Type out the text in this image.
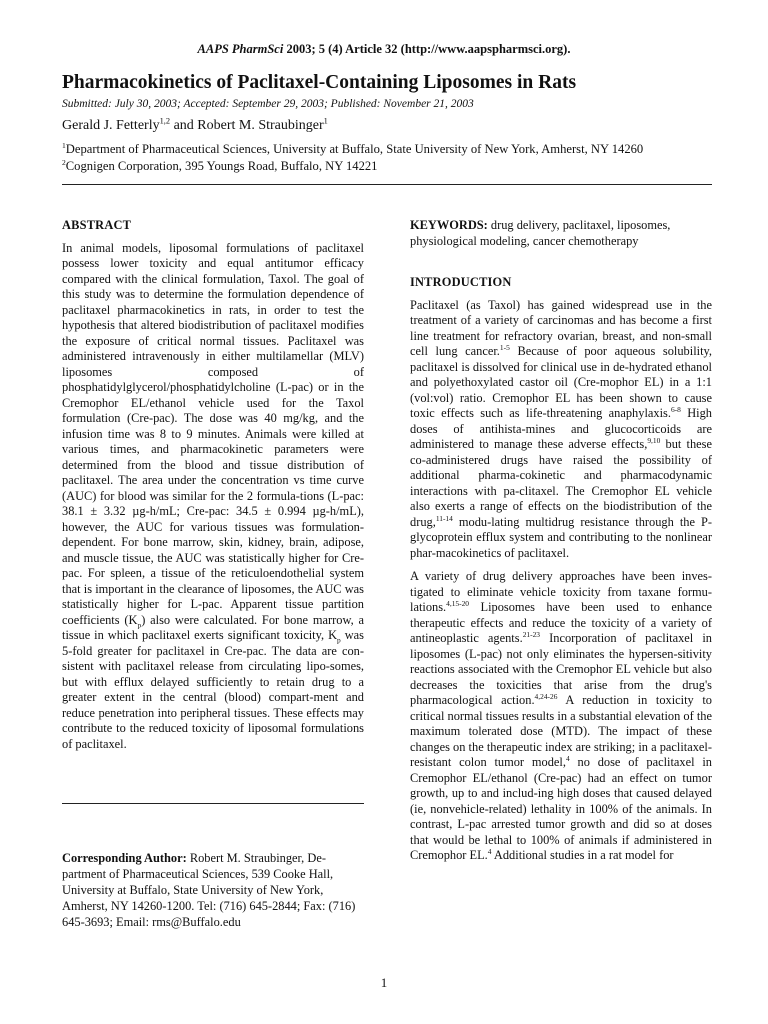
AAPS PharmSci 2003; 5 (4) Article 32 (http://www.aapspharmsci.org).
Pharmacokinetics of Paclitaxel-Containing Liposomes in Rats
Submitted: July 30, 2003; Accepted: September 29, 2003; Published: November 21, 2003
Gerald J. Fetterly$^{1,2}$ and Robert M. Straubinger$^1$
$^1$Department of Pharmaceutical Sciences, University at Buffalo, State University of New York, Amherst, NY 14260
$^2$Cognigen Corporation, 395 Youngs Road, Buffalo, NY 14221
ABSTRACT

In animal models, liposomal formulations of paclitaxel possess lower toxicity and equal antitumor efficacy compared with the clinical formulation, Taxol. The goal of this study was to determine the formulation dependence of paclitaxel pharmacokinetics in rats, in order to test the hypothesis that altered biodistribution of paclitaxel modifies the exposure of critical normal tissues. Paclitaxel was administered intravenously in either multilamellar (MLV) liposomes composed of phosphatidylglycerol/phosphatidylcholine (L-pac) or in the Cremophor EL/ethanol vehicle used for the Taxol formulation (Cre-pac). The dose was 40 mg/kg, and the infusion time was 8 to 9 minutes. Animals were killed at various times, and pharmacokinetic parameters were determined from the blood and tissue distribution of paclitaxel. The area under the concentration vs time curve (AUC) for blood was similar for the 2 formula-tions (L-pac: 38.1 ± 3.32 µg-h/mL; Cre-pac: 34.5 ± 0.994 µg-h/mL), however, the AUC for various tissues was formulation-dependent. For bone marrow, skin, kidney, brain, adipose, and muscle tissue, the AUC was statistically higher for Cre-pac. For spleen, a tissue of the reticuloendothelial system that is important in the clearance of liposomes, the AUC was statistically higher for L-pac. Apparent tissue partition coefficients $(K_p)$ also were calculated. For bone marrow, a tissue in which paclitaxel exerts significant toxicity, $K_p$ was 5-fold greater for paclitaxel in Cre-pac. The data are con-sistent with paclitaxel release from circulating lipo-somes, but with efflux delayed sufficiently to retain drug to a greater extent in the central (blood) compart-ment and reduce penetration into peripheral tissues. These effects may contribute to the reduced toxicity of liposomal formulations of paclitaxel.

Corresponding Author: Robert M. Straubinger, De-partment of Pharmaceutical Sciences, 539 Cooke Hall, University at Buffalo, State University of New York, Amherst, NY 14260-1200. Tel: (716) 645-2844; Fax: (716) 645-3693; Email: rms@Buffalo.edu

KEYWORDS: drug delivery, paclitaxel, liposomes, physiological modeling, cancer chemotherapy

INTRODUCTION

Paclitaxel (as Taxol) has gained widespread use in the treatment of a variety of carcinomas and has become a first line treatment for refractory ovarian, breast, and non-small cell lung cancer.$^{1-5}$ Because of poor aqueous solubility, paclitaxel is dissolved for clinical use in de-hydrated ethanol and polyethoxylated castor oil (Cre-mophor EL) in a 1:1 (vol:vol) ratio. Cremophor EL has been shown to cause toxic effects such as life-threatening anaphylaxis.$^{6-8}$ High doses of antihista-mines and glucocorticoids are administered to manage these adverse effects,$^{9,10}$ but these co-administered drugs have raised the possibility of additional pharma-cokinetic and pharmacodynamic interactions with pa-clitaxel. The Cremophor EL vehicle also exerts a range of effects on the biodistribution of the drug,$^{11-14}$ modu-lating multidrug resistance through the P-glycoprotein efflux system and contributing to the nonlinear phar-macokinetics of paclitaxel.

A variety of drug delivery approaches have been inves-tigated to eliminate vehicle toxicity from taxane formu-lations.$^{4,15-20}$ Liposomes have been used to enhance therapeutic effects and reduce the toxicity of a variety of antineoplastic agents.$^{21-23}$ Incorporation of paclitaxel in liposomes (L-pac) not only eliminates the hypersen-sitivity reactions associated with the Cremophor EL vehicle but also decreases the toxicities that arise from the drug's pharmacological action.$^{4,24-26}$ A reduction in toxicity to critical normal tissues results in a substantial elevation of the maximum tolerated dose (MTD). The impact of these changes on the therapeutic index are striking; in a paclitaxel-resistant colon tumor model,$^4$ no dose of paclitaxel in Cremophor EL/ethanol (Cre-pac) had an effect on tumor growth, up to and includ-ing high doses that caused delayed (ie, nonvehicle-related) lethality in 100% of the animals. In contrast, L-pac arrested tumor growth and did so at doses that would be lethal to 100% of animals if administered in Cremophor EL.$^4$ Additional studies in a rat model for

1
